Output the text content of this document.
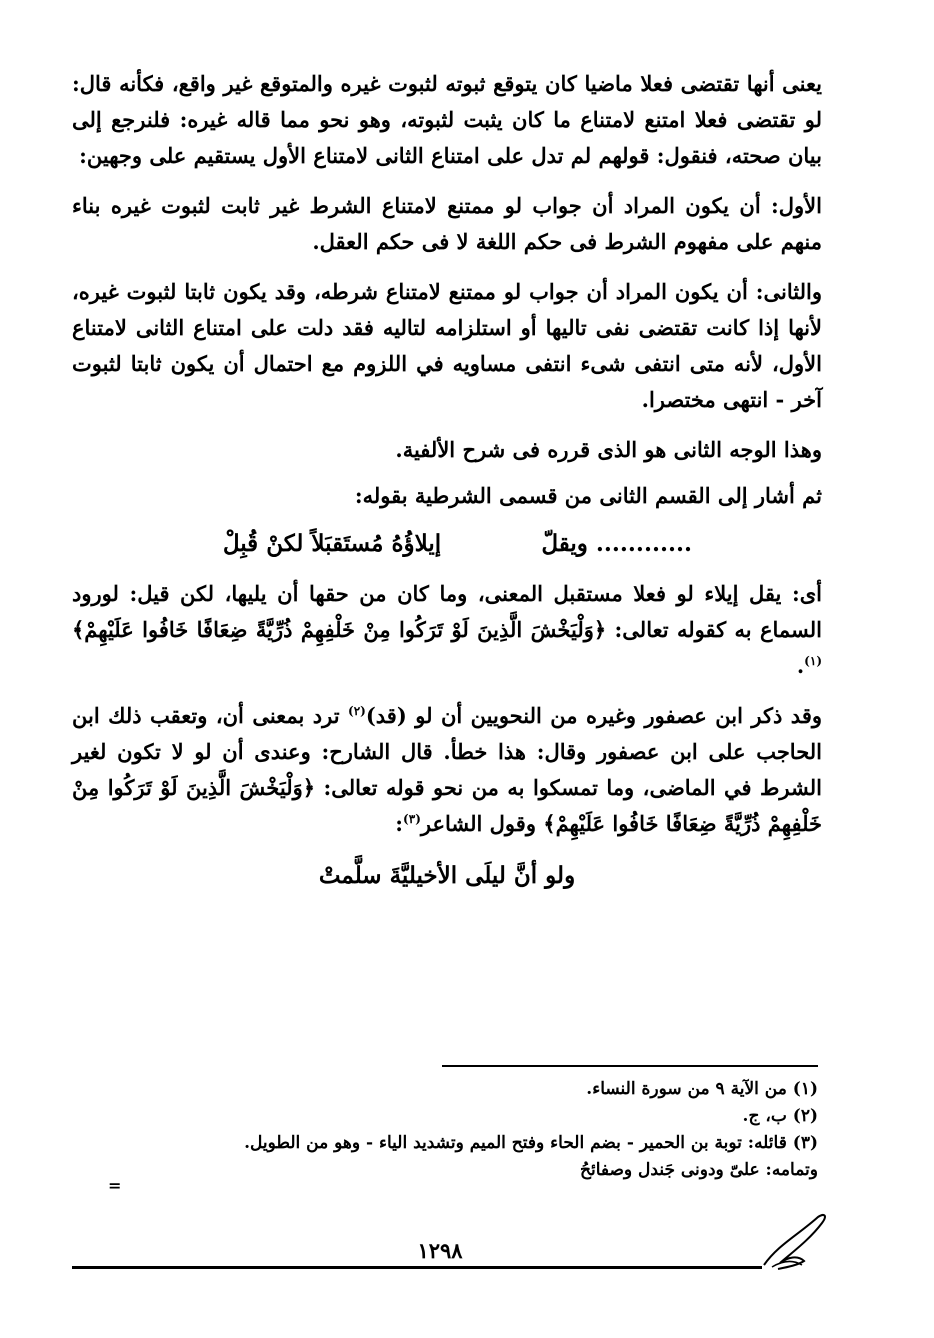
يعنى أنها تقتضى فعلا ماضيا كان يتوقع ثبوته لثبوت غيره والمتوقع غير واقع، فكأنه قال: لو تقتضى فعلا امتنع لامتناع ما كان يثبت لثبوته، وهو نحو مما قاله غيره: فلنرجع إلى بيان صحته، فنقول: قولهم لم تدل على امتناع الثانى لامتناع الأول يستقيم على وجهين:

الأول: أن يكون المراد أن جواب لو ممتنع لامتناع الشرط غير ثابت لثبوت غيره بناء منهم على مفهوم الشرط فى حكم اللغة لا فى حكم العقل.

والثانى: أن يكون المراد أن جواب لو ممتنع لامتناع شرطه، وقد يكون ثابتا لثبوت غيره، لأنها إذا كانت تقتضى نفى تاليها أو استلزامه لتاليه فقد دلت على امتناع الثانى لامتناع الأول، لأنه متى انتفى شىء انتفى مساويه في اللزوم مع احتمال أن يكون ثابتا لثبوت آخر - انتهى مختصرا.

وهذا الوجه الثانى هو الذى قرره فى شرح الألفية.

ثم أشار إلى القسم الثانى من قسمى الشرطية بقوله:

............ ويقلّ
إيلاؤُهُ مُستَقبَلاً لكنْ قُبِلْ

أى: يقل إيلاء لو فعلا مستقبل المعنى، وما كان من حقها أن يليها، لكن قيل: لورود السماع به كقوله تعالى: ﴿وَلْيَخْشَ الَّذِينَ لَوْ تَرَكُوا مِنْ خَلْفِهِمْ ذُرِّيَّةً ضِعَافًا خَافُوا عَلَيْهِمْ﴾$^{(١)}$.

وقد ذكر ابن عصفور وغيره من النحويين أن لو (قد)$^{(٢)}$ ترد بمعنى أن، وتعقب ذلك ابن الحاجب على ابن عصفور وقال: هذا خطأ. قال الشارح: وعندى أن لو لا تكون لغير الشرط في الماضى، وما تمسكوا به من نحو قوله تعالى: ﴿وَلْيَخْشَ الَّذِينَ لَوْ تَرَكُوا مِنْ خَلْفِهِمْ ذُرِّيَّةً ضِعَافًا خَافُوا عَلَيْهِمْ﴾ وقول الشاعر$^{(٣)}$:

ولو أنَّ ليلَى الأخيليَّةَ سلَّمتْ
(١) من الآية ٩ من سورة النساء.
(٢) ب، ج.
(٣) قائله: توبة بن الحمير - بضم الحاء وفتح الميم وتشديد الياء - وهو من الطويل.
وتمامه: علىّ ودونى جَندل وصفائحُ
=
١٢٩٨
